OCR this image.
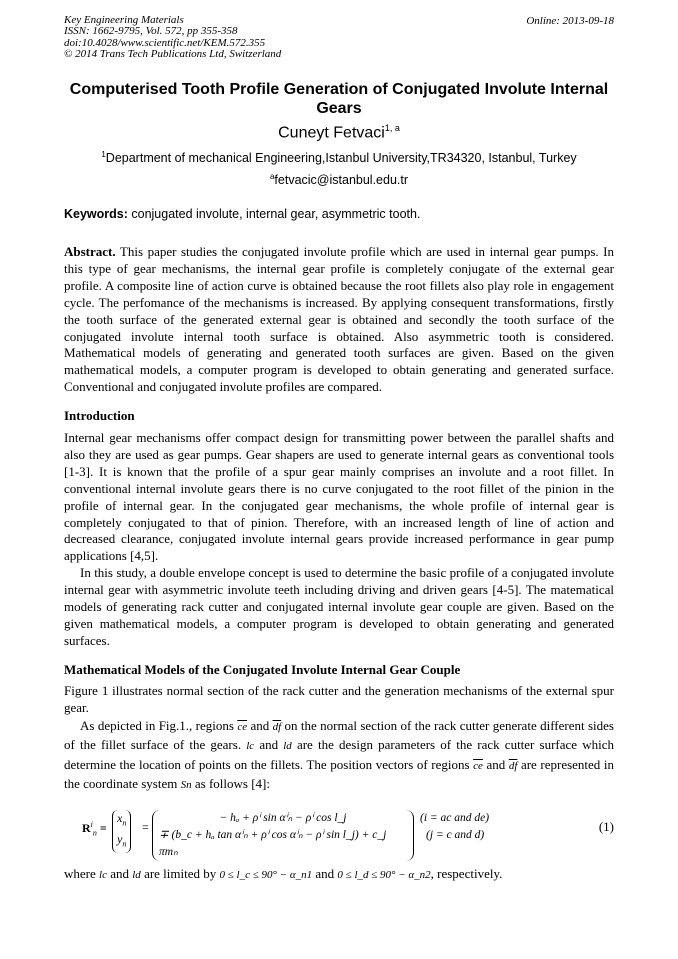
Key Engineering Materials
ISSN: 1662-9795, Vol. 572, pp 355-358
doi:10.4028/www.scientific.net/KEM.572.355
© 2014 Trans Tech Publications Ltd, Switzerland
Online: 2013-09-18
Computerised Tooth Profile Generation of Conjugated Involute Internal Gears
Cuneyt Fetvaci$^{1, a}$
$^1$Department of mechanical Engineering,Istanbul University,TR34320, Istanbul, Turkey
$^a$fetvacic@istanbul.edu.tr
Keywords: conjugated involute, internal gear, asymmetric tooth.

Abstract. This paper studies the conjugated involute profile which are used in internal gear pumps. In this type of gear mechanisms, the internal gear profile is completely conjugate of the external gear profile. A composite line of action curve is obtained because the root fillets also play role in engagement cycle. The perfomance of the mechanisms is increased. By applying consequent transformations, firstly the tooth surface of the generated external gear is obtained and secondly the tooth surface of the conjugated involute internal tooth surface is obtained. Also asymmetric tooth is considered. Mathematical models of generating and generated tooth surfaces are given. Based on the given mathematical models, a computer program is developed to obtain generating and generated surface. Conventional and conjugated involute profiles are compared.

Introduction

Internal gear mechanisms offer compact design for transmitting power between the parallel shafts and also they are used as gear pumps. Gear shapers are used to generate internal gears as conventional tools [1-3]. It is known that the profile of a spur gear mainly comprises an involute and a root fillet. In conventional internal involute gears there is no curve conjugated to the root fillet of the pinion in the profile of internal gear. In the conjugated gear mechanisms, the whole profile of internal gear is completely conjugated to that of pinion. Therefore, with an increased length of line of action and decreased clearance, conjugated involute internal gears provide increased performance in gear pump applications [4,5].

In this study, a double envelope concept is used to determine the basic profile of a conjugated involute internal gear with asymmetric involute teeth including driving and driven gears [4-5]. The matematical models of generating rack cutter and conjugated internal involute gear couple are given. Based on the given mathematical models, a computer program is developed to obtain generating and generated surfaces.

Mathematical Models of the Conjugated Involute Internal Gear Couple

Figure 1 illustrates normal section of the rack cutter and the generation mechanisms of the external spur gear.

As depicted in Fig.1., regions $\overline{ce}$ and $\overline{df}$ on the normal section of the rack cutter generate different sides of the fillet surface of the gears. lc and ld are the design parameters of the rack cutter surface which determine the location of points on the fillets. The position vectors of regions $\overline{ce}$ and $\overline{df}$ are represented in the coordinate system Sn as follows [4]:

$R^i_n$ =
$x_n$
$y_n$
=
− hₐ + ρⁱ sin αⁱₙ − ρⁱ cos l_j
∓ (b_c + hₐ tan αⁱₙ + ρⁱ cos αⁱₙ − ρⁱ sin l_j) + c_j πmₙ
(i = ac and de)
(j = c and d)
(1)

where lc and ld are limited by 0 ≤ l_c ≤ 90° − α_n1 and 0 ≤ l_d ≤ 90° − α_n2, respectively.
